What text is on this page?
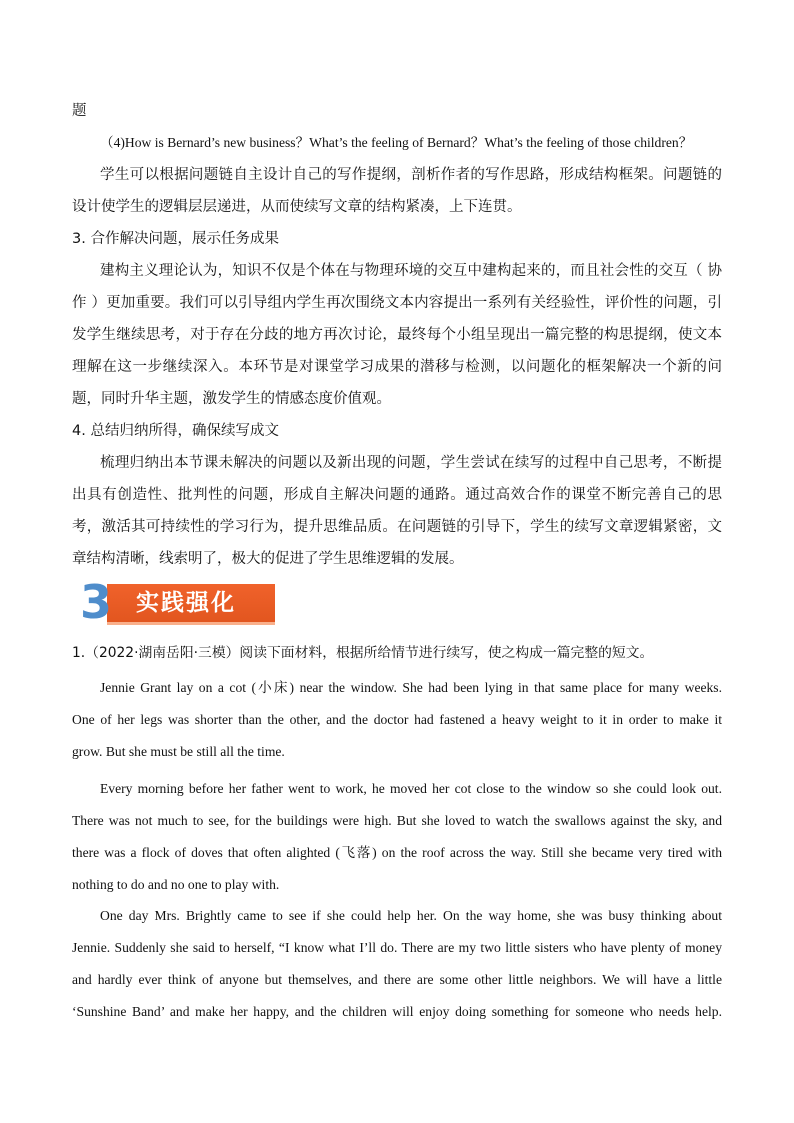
题
（4)How is Bernard’s new business？What’s the feeling of Bernard？What’s the feeling of those children？
学生可以根据问题链自主设计自己的写作提纲，剖析作者的写作思路，形成结构框架。问题链的设计使学生的逻辑层层递进，从而使续写文章的结构紧凑，上下连贯。
3. 合作解决问题，展示任务成果
建构主义理论认为，知识不仅是个体在与物理环境的交互中建构起来的，而且社会性的交互（ 协作 ）更加重要。我们可以引导组内学生再次围绕文本内容提出一系列有关经验性，评价性的问题，引发学生继续思考，对于存在分歧的地方再次讨论，最终每个小组呈现出一篇完整的构思提纲，使文本理解在这一步继续深入。本环节是对课堂学习成果的潜移与检测，以问题化的框架解决一个新的问题，同时升华主题，激发学生的情感态度价值观。
4. 总结归纳所得，确保续写成文
梳理归纳出本节课未解决的问题以及新出现的问题，学生尝试在续写的过程中自己思考，不断提出具有创造性、批判性的问题，形成自主解决问题的通路。通过高效合作的课堂不断完善自己的思考，激活其可持续性的学习行为，提升思维品质。在问题链的引导下，学生的续写文章逻辑紧密，文章结构清晰，线索明了，极大的促进了学生思维逻辑的发展。
实践强化
3
1.（2022·湖南岳阳·三模）阅读下面材料，根据所给情节进行续写，使之构成一篇完整的短文。
Jennie Grant lay on a cot (小床) near the window. She had been lying in that same place for many weeks.
One of her legs was shorter than the other, and the doctor had fastened a heavy weight to it in order to make it
grow. But she must be still all the time.
Every morning before her father went to work, he moved her cot close to the window so she could look out.
There was not much to see, for the buildings were high. But she loved to watch the swallows against the sky, and
there was a flock of doves that often alighted (飞落) on the roof across the way. Still she became very tired with
nothing to do and no one to play with.
One day Mrs. Brightly came to see if she could help her. On the way home, she was busy thinking about
Jennie. Suddenly she said to herself, “I know what I’ll do. There are my two little sisters who have plenty of money
and hardly ever think of anyone but themselves, and there are some other little neighbors. We will have a little
‘Sunshine Band’ and make her happy, and the children will enjoy doing something for someone who needs help.
